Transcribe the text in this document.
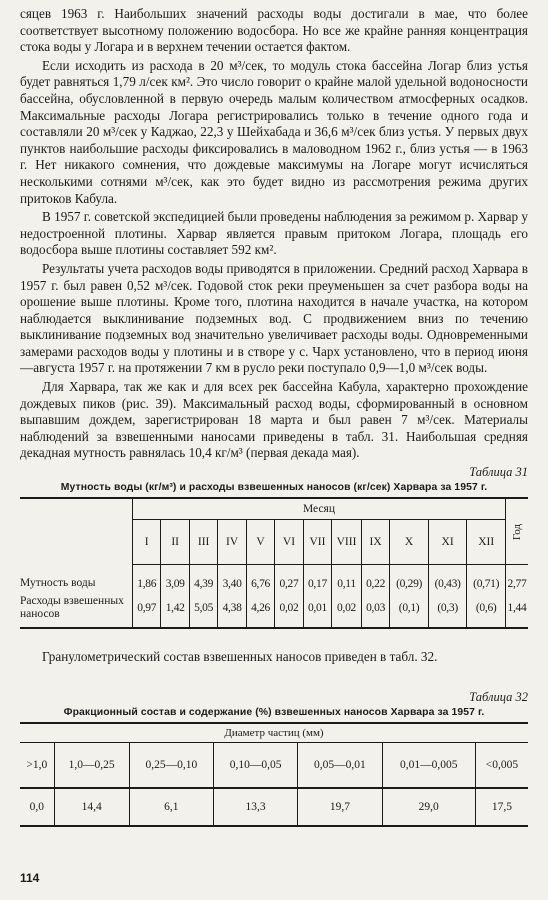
сяцев 1963 г. Наибольших значений расходы воды достигали в мае, что более соответствует высотному положению водосбора. Но все же крайне ранняя концентрация стока воды у Логара и в верхнем течении остается фактом.

Если исходить из расхода в 20 м³/сек, то модуль стока бассейна Логар близ устья будет равняться 1,79 л/сек км². Это число говорит о крайне малой удельной водоносности бассейна, обусловленной в первую очередь малым количеством атмосферных осадков. Максимальные расходы Логара регистрировались только в течение одного года и составляли 20 м³/сек у Каджао, 22,3 у Шейхабада и 36,6 м³/сек близ устья. У первых двух пунктов наибольшие расходы фиксировались в маловодном 1962 г., близ устья — в 1963 г. Нет никакого сомнения, что дождевые максимумы на Логаре могут исчисляться несколькими сотнями м³/сек, как это будет видно из рассмотрения режима других притоков Кабула.

В 1957 г. советской экспедицией были проведены наблюдения за режимом р. Харвар у недостроенной плотины. Харвар является правым притоком Логара, площадь его водосбора выше плотины составляет 592 км².

Результаты учета расходов воды приводятся в приложении. Средний расход Харвара в 1957 г. был равен 0,52 м³/сек. Годовой сток реки преуменьшен за счет разбора воды на орошение выше плотины. Кроме того, плотина находится в начале участка, на котором наблюдается выклинивание подземных вод. С продвижением вниз по течению выклинивание подземных вод значительно увеличивает расходы воды. Одновременными замерами расходов воды у плотины и в створе у с. Чарх установлено, что в период июня—августа 1957 г. на протяжении 7 км в русло реки поступало 0,9—1,0 м³/сек воды.

Для Харвара, так же как и для всех рек бассейна Кабула, характерно прохождение дождевых пиков (рис. 39). Максимальный расход воды, сформированный в основном выпавшим дождем, зарегистрирован 18 марта и был равен 7 м³/сек. Материалы наблюдений за взвешенными наносами приведены в табл. 31. Наибольшая средняя декадная мутность равнялась 10,4 кг/м³ (первая декада мая).

Таблица 31
Мутность воды (кг/м³) и расходы взвешенных наносов (кг/сек) Харвара за 1957 г.
	Месяц												Год
	I	II	III	IV	V	VI	VII	VIII	IX	X	XI	XII	
Мутность воды	1,86	3,09	4,39	3,40	6,76	0,27	0,17	0,11	0,22	(0,29)	(0,43)	(0,71)	2,77
Расходы взвешенных наносов	0,97	1,42	5,05	4,38	4,26	0,02	0,01	0,02	0,03	(0,1)	(0,3)	(0,6)	1,44

Гранулометрический состав взвешенных наносов приведен в табл. 32.

Таблица 32
Фракционный состав и содержание (%) взвешенных наносов Харвара за 1957 г.
Диаметр частиц (мм)						
>1,0	1,0—0,25	0,25—0,10	0,10—0,05	0,05—0,01	0,01—0,005	<0,005
0,0	14,4	6,1	13,3	19,7	29,0	17,5
114
